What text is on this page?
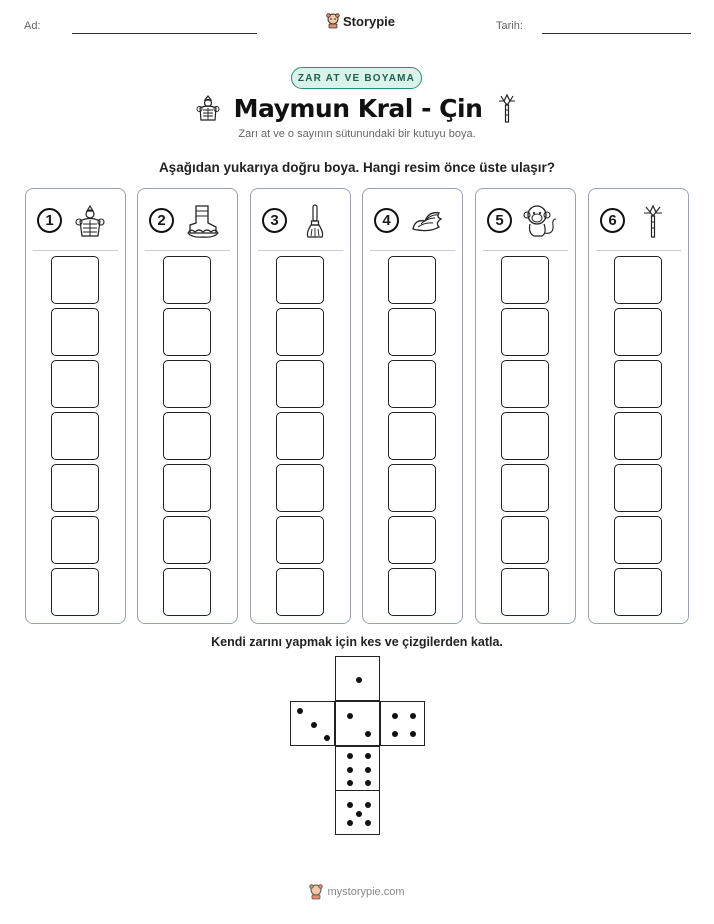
Ad:	Storypie	Tarih:
ZAR AT VE BOYAMA
Maymun Kral - Çin
Zarı at ve o sayının sütunundaki bir kutuyu boya.
Aşağıdan yukarıya doğru boya. Hangi resim önce üste ulaşır?
1	2	3	4	5	6
Kendi zarını yapmak için kes ve çizgilerden katla.
mystorypie.com
